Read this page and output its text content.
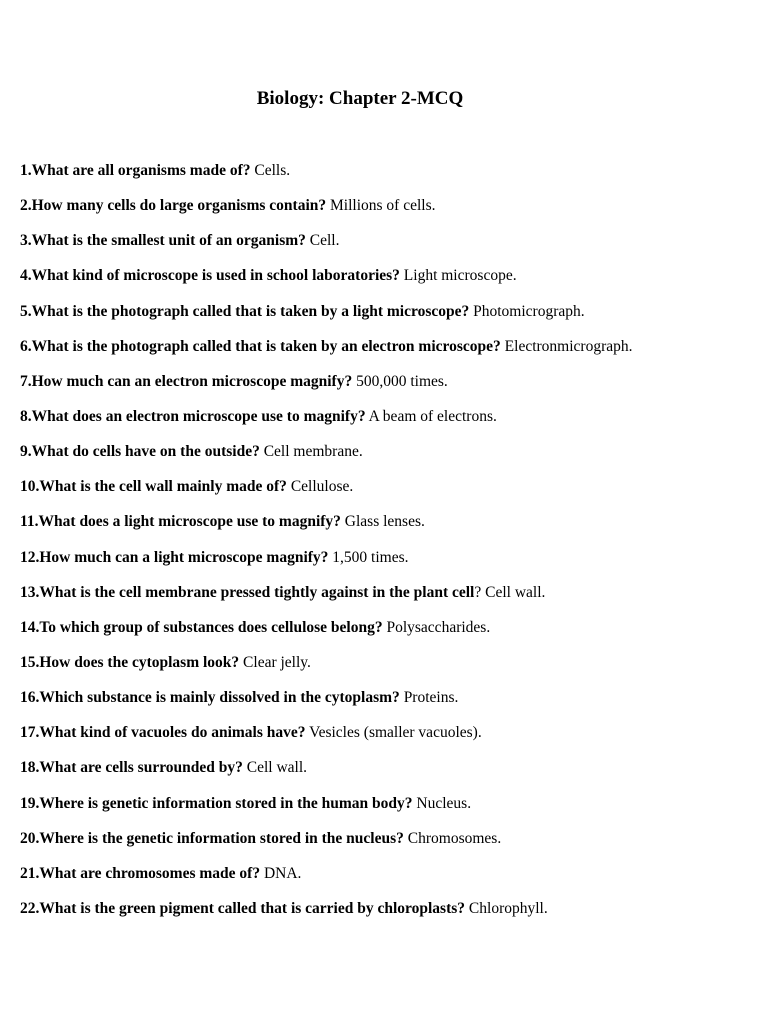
Biology: Chapter 2-MCQ
1.What are all organisms made of? Cells.
2.How many cells do large organisms contain? Millions of cells.
3.What is the smallest unit of an organism? Cell.
4.What kind of microscope is used in school laboratories? Light microscope.
5.What is the photograph called that is taken by a light microscope? Photomicrograph.
6.What is the photograph called that is taken by an electron microscope? Electronmicrograph.
7.How much can an electron microscope magnify? 500,000 times.
8.What does an electron microscope use to magnify? A beam of electrons.
9.What do cells have on the outside? Cell membrane.
10.What is the cell wall mainly made of? Cellulose.
11.What does a light microscope use to magnify? Glass lenses.
12.How much can a light microscope magnify? 1,500 times.
13.What is the cell membrane pressed tightly against in the plant cell? Cell wall.
14.To which group of substances does cellulose belong? Polysaccharides.
15.How does the cytoplasm look? Clear jelly.
16.Which substance is mainly dissolved in the cytoplasm? Proteins.
17.What kind of vacuoles do animals have? Vesicles (smaller vacuoles).
18.What are cells surrounded by? Cell wall.
19.Where is genetic information stored in the human body? Nucleus.
20.Where is the genetic information stored in the nucleus? Chromosomes.
21.What are chromosomes made of? DNA.
22.What is the green pigment called that is carried by chloroplasts? Chlorophyll.
